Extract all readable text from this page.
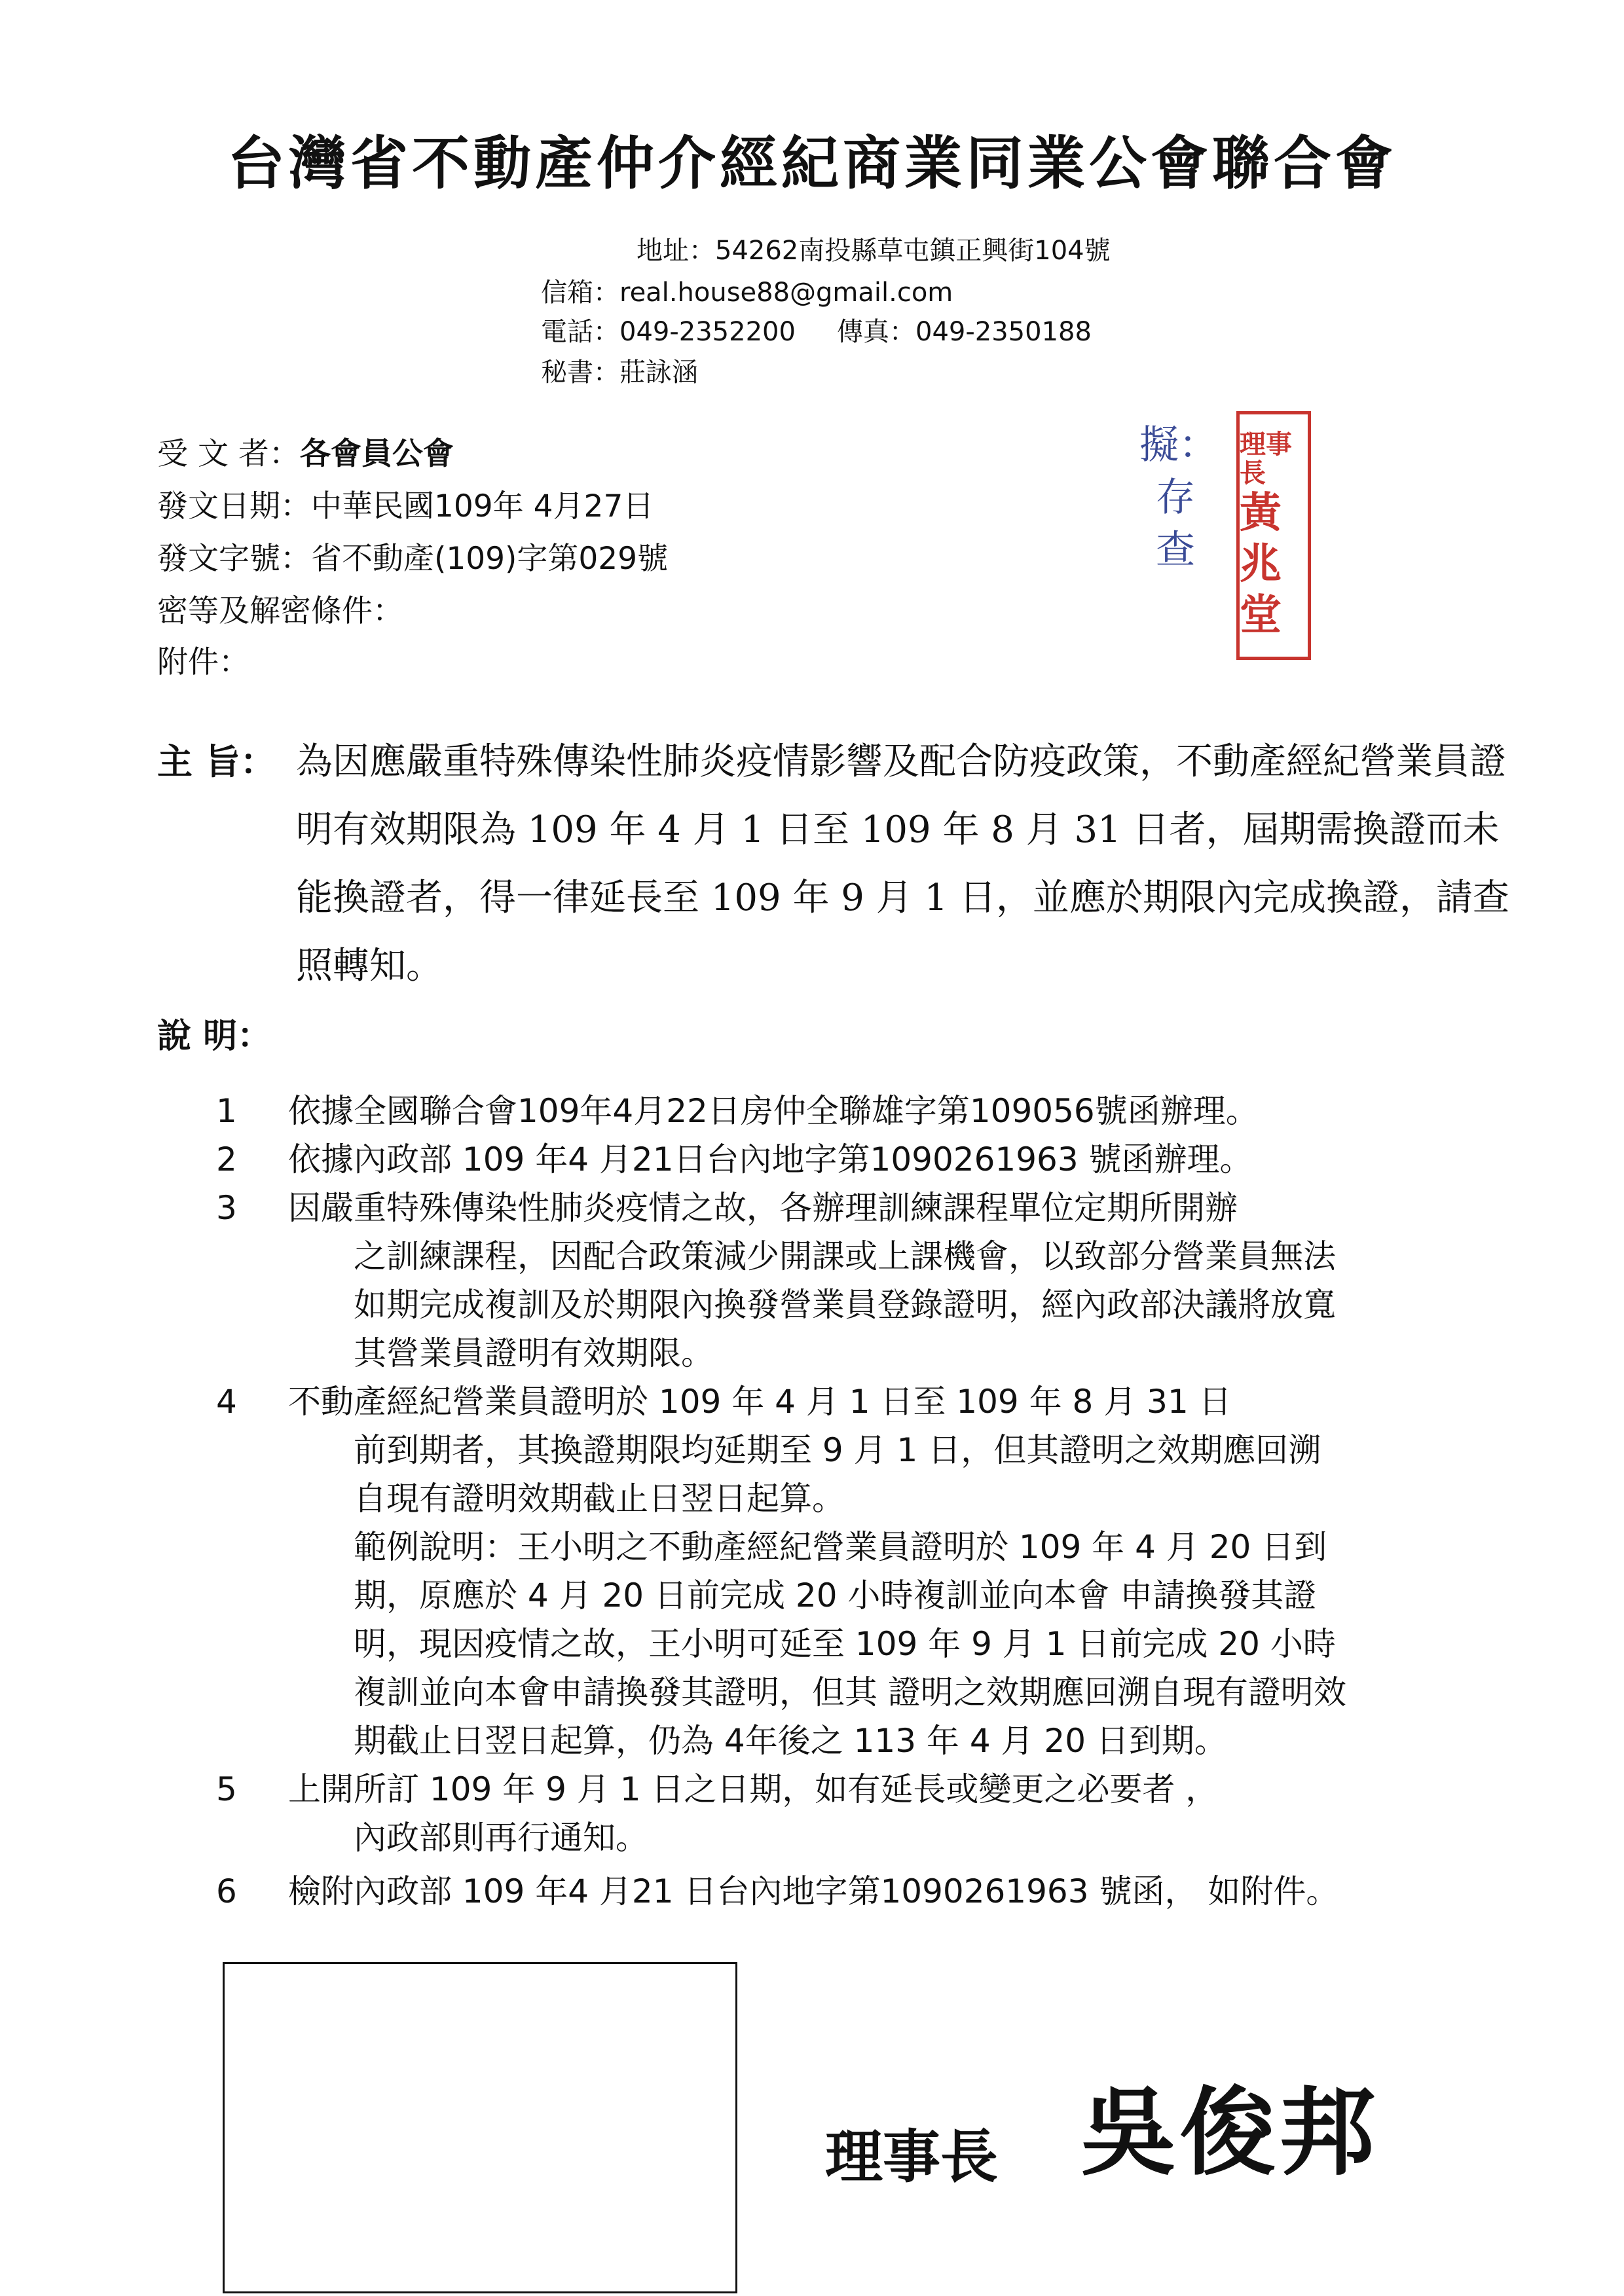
台灣省不動產仲介經紀商業同業公會聯合會
地址：54262南投縣草屯鎮正興街104號
信箱：real.house88@gmail.com
電話：049-2352200 傳真：049-2350188
秘書：莊詠涵
受 文 者：各會員公會
發文日期：中華民國109年 4月27日
發文字號：省不動產(109)字第029號
密等及解密條件：
附件：
擬：存查
理事長
黃兆堂
主 旨： 為因應嚴重特殊傳染性肺炎疫情影響及配合防疫政策，不動產經紀營業員證明有效期限為 109 年 4 月 1 日至 109 年 8 月 31 日者，屆期需換證而未能換證者，得一律延長至 109 年 9 月 1 日，並應於期限內完成換證，請查照轉知。
說 明：
1	依據全國聯合會109年4月22日房仲全聯雄字第109056號函辦理。
2	依據內政部 109 年4 月21日台內地字第1090261963 號函辦理。
3	因嚴重特殊傳染性肺炎疫情之故，各辦理訓練課程單位定期所開辦
之訓練課程，因配合政策減少開課或上課機會，以致部分營業員無法
如期完成複訓及於期限內換發營業員登錄證明，經內政部決議將放寬
其營業員證明有效期限。
4	不動產經紀營業員證明於 109 年 4 月 1 日至 109 年 8 月 31 日
前到期者，其換證期限均延期至 9 月 1 日，但其證明之效期應回溯
自現有證明效期截止日翌日起算。
範例說明：王小明之不動產經紀營業員證明於 109 年 4 月 20 日到
期，原應於 4 月 20 日前完成 20 小時複訓並向本會 申請換發其證
明，現因疫情之故，王小明可延至 109 年 9 月 1 日前完成 20 小時
複訓並向本會申請換發其證明，但其 證明之效期應回溯自現有證明效
期截止日翌日起算，仍為 4年後之 113 年 4 月 20 日到期。
5	上開所訂 109 年 9 月 1 日之日期，如有延長或變更之必要者 ，
內政部則再行通知。
6	檢附內政部 109 年4 月21 日台內地字第1090261963 號函， 如附件。
理事長 吳俊邦
